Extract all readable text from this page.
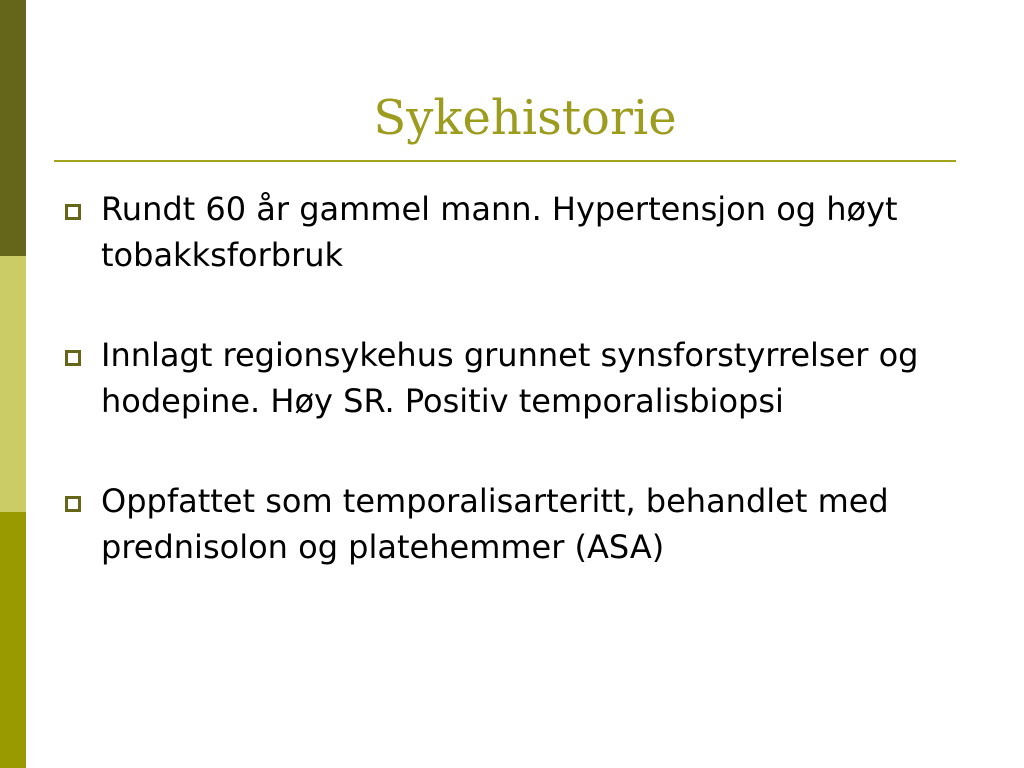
Sykehistorie
Rundt 60 år gammel mann. Hypertensjon og høyt tobakksforbruk
Innlagt regionsykehus grunnet synsforstyrrelser og hodepine. Høy SR. Positiv temporalisbiopsi
Oppfattet som temporalisarteritt, behandlet med prednisolon og platehemmer (ASA)
